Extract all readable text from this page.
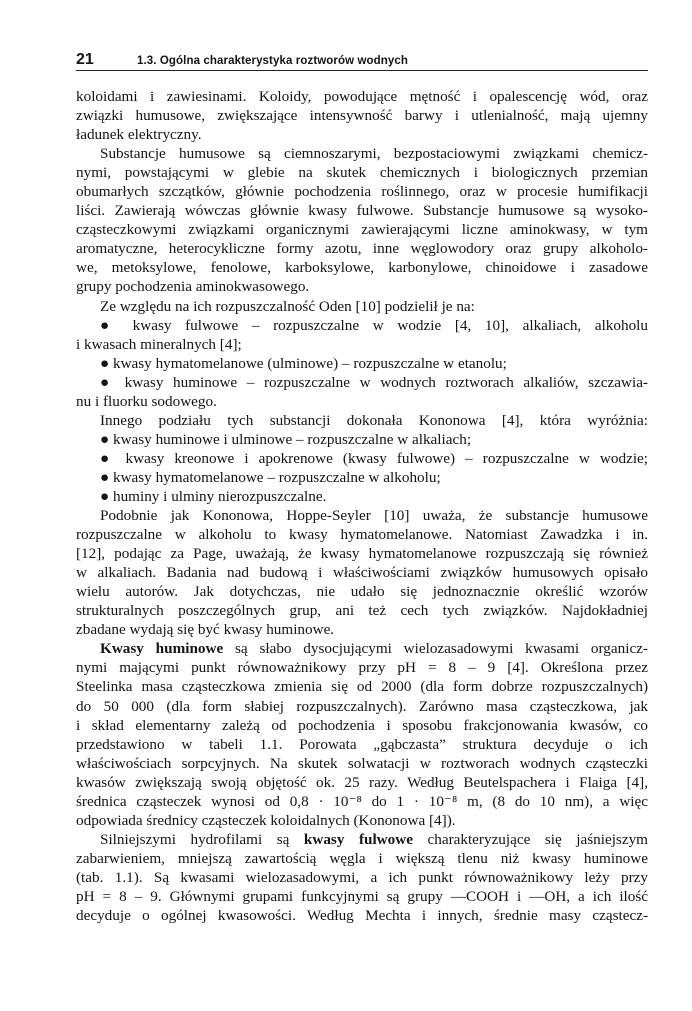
21	1.3. Ogólna charakterystyka roztworów wodnych
koloidami i zawiesinami. Koloidy, powodujące mętność i opalescencję wód, oraz
związki humusowe, zwiększające intensywność barwy i utlenialność, mają ujemny
ładunek elektryczny.
Substancje humusowe są ciemnoszarymi, bezpostaciowymi związkami chemicz-
nymi, powstającymi w glebie na skutek chemicznych i biologicznych przemian
obumarłych szczątków, głównie pochodzenia roślinnego, oraz w procesie humifikacji
liści. Zawierają wówczas głównie kwasy fulwowe. Substancje humusowe są wysoko-
cząsteczkowymi związkami organicznymi zawierającymi liczne aminokwasy, w tym
aromatyczne, heterocykliczne formy azotu, inne węglowodory oraz grupy alkoholo-
we, metoksylowe, fenolowe, karboksylowe, karbonylowe, chinoidowe i zasadowe
grupy pochodzenia aminokwasowego.
Ze względu na ich rozpuszczalność Oden [10] podzielił je na:
● kwasy fulwowe – rozpuszczalne w wodzie [4, 10], alkaliach, alkoholu
i kwasach mineralnych [4];
● kwasy hymatomelanowe (ulminowe) – rozpuszczalne w etanolu;
● kwasy huminowe – rozpuszczalne w wodnych roztworach alkaliów, szczawia-
nu i fluorku sodowego.
Innego podziału tych substancji dokonała Kononowa [4], która wyróżnia:
● kwasy huminowe i ulminowe – rozpuszczalne w alkaliach;
● kwasy kreonowe i apokrenowe (kwasy fulwowe) – rozpuszczalne w wodzie;
● kwasy hymatomelanowe – rozpuszczalne w alkoholu;
● huminy i ulminy nierozpuszczalne.
Podobnie jak Kononowa, Hoppe-Seyler [10] uważa, że substancje humusowe
rozpuszczalne w alkoholu to kwasy hymatomelanowe. Natomiast Zawadzka i in.
[12], podając za Page, uważają, że kwasy hymatomelanowe rozpuszczają się również
w alkaliach. Badania nad budową i właściwościami związków humusowych opisało
wielu autorów. Jak dotychczas, nie udało się jednoznacznie określić wzorów
strukturalnych poszczególnych grup, ani też cech tych związków. Najdokładniej
zbadane wydają się być kwasy huminowe.
Kwasy huminowe są słabo dysocjującymi wielozasadowymi kwasami organicz-
nymi mającymi punkt równoważnikowy przy pH = 8 – 9 [4]. Określona przez
Steelinka masa cząsteczkowa zmienia się od 2000 (dla form dobrze rozpuszczalnych)
do 50 000 (dla form słabiej rozpuszczalnych). Zarówno masa cząsteczkowa, jak
i skład elementarny zależą od pochodzenia i sposobu frakcjonowania kwasów, co
przedstawiono w tabeli 1.1. Porowata „gąbczasta” struktura decyduje o ich
właściwościach sorpcyjnych. Na skutek solwatacji w roztworach wodnych cząsteczki
kwasów zwiększają swoją objętość ok. 25 razy. Według Beutelspachera i Flaiga [4],
średnica cząsteczek wynosi od 0,8 · 10⁻⁸ do 1 · 10⁻⁸ m, (8 do 10 nm), a więc
odpowiada średnicy cząsteczek koloidalnych (Kononowa [4]).
Silniejszymi hydrofilami są kwasy fulwowe charakteryzujące się jaśniejszym
zabarwieniem, mniejszą zawartością węgla i większą tlenu niż kwasy huminowe
(tab. 1.1). Są kwasami wielozasadowymi, a ich punkt równoważnikowy leży przy
pH = 8 – 9. Głównymi grupami funkcyjnymi są grupy —COOH i —OH, a ich ilość
decyduje o ogólnej kwasowości. Według Mechta i innych, średnie masy cząstecz-
